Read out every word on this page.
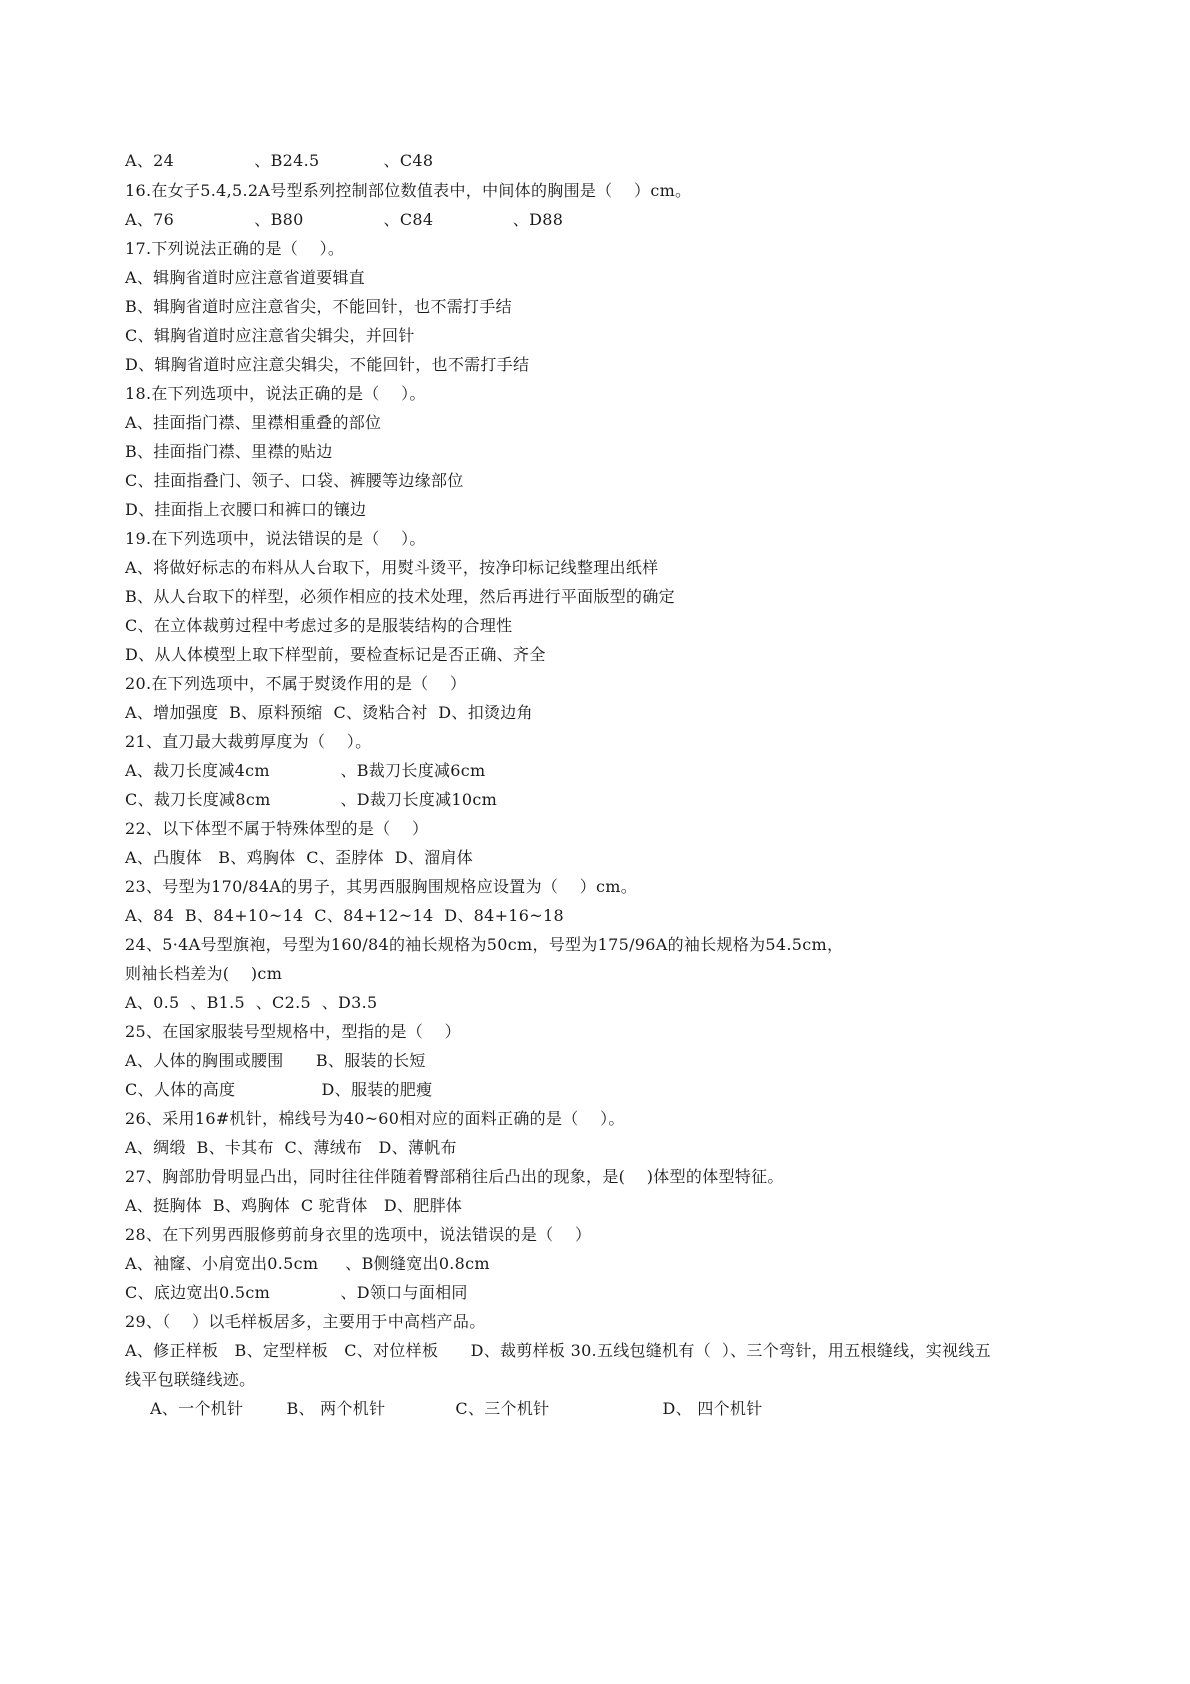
A、24		、B24.5		、C48
16.在女子5.4,5.2A号型系列控制部位数值表中，中间体的胸围是（    ）cm。
A、76		、B80		、C84		、D88
17.下列说法正确的是（    ）。
A、辑胸省道时应注意省道要辑直
B、辑胸省道时应注意省尖，不能回针，也不需打手结
C、辑胸省道时应注意省尖辑尖，并回针
D、辑胸省道时应注意尖辑尖，不能回针，也不需打手结
18.在下列选项中，说法正确的是（    ）。
A、挂面指门襟、里襟相重叠的部位
B、挂面指门襟、里襟的贴边
C、挂面指叠门、领子、口袋、裤腰等边缘部位
D、挂面指上衣腰口和裤口的镶边
19.在下列选项中，说法错误的是（    ）。
A、将做好标志的布料从人台取下，用熨斗烫平，按净印标记线整理出纸样
B、从人台取下的样型，必须作相应的技术处理，然后再进行平面版型的确定
C、在立体裁剪过程中考虑过多的是服装结构的合理性
D、从人体模型上取下样型前，要检查标记是否正确、齐全
20.在下列选项中，不属于熨烫作用的是（    ）
A、增加强度  B、原料预缩  C、烫粘合衬  D、扣烫边角
21、直刀最大裁剪厚度为（    ）。
A、裁刀长度减4cm		、B裁刀长度减6cm
C、裁刀长度减8cm		、D裁刀长度减10cm
22、以下体型不属于特殊体型的是（    ）
A、凸腹体   B、鸡胸体  C、歪脖体  D、溜肩体
23、号型为170/84A的男子，其男西服胸围规格应设置为（    ）cm。
A、84  B、84+10~14  C、84+12~14  D、84+16~18
24、5·4A号型旗袍，号型为160/84的袖长规格为50cm，号型为175/96A的袖长规格为54.5cm，
则袖长档差为(    )cm
A、0.5  、B1.5  、C2.5  、D3.5
25、在国家服装号型规格中，型指的是（    ）
A、人体的胸围或腰围      B、服装的长短
C、人体的高度                D、服装的肥瘦
26、采用16#机针，棉线号为40~60相对应的面料正确的是（    ）。
A、绸缎  B、卡其布  C、薄绒布   D、薄帆布
27、胸部肋骨明显凸出，同时往往伴随着臀部稍往后凸出的现象，是(    )体型的体型特征。
A、挺胸体  B、鸡胸体  C 驼背体   D、肥胖体
28、在下列男西服修剪前身衣里的选项中，说法错误的是（    ）
A、袖窿、小肩宽出0.5cm     、B侧缝宽出0.8cm
C、底边宽出0.5cm		、D领口与面相同
29、（    ）以毛样板居多，主要用于中高档产品。
A、修正样板   B、定型样板   C、对位样板      D、裁剪样板 30.五线包缝机有（  ）、三个弯针，用五根缝线，实视线五
线平包联缝线迹。
A、一个机针        B、 两个机针             C、三个机针                     D、 四个机针
